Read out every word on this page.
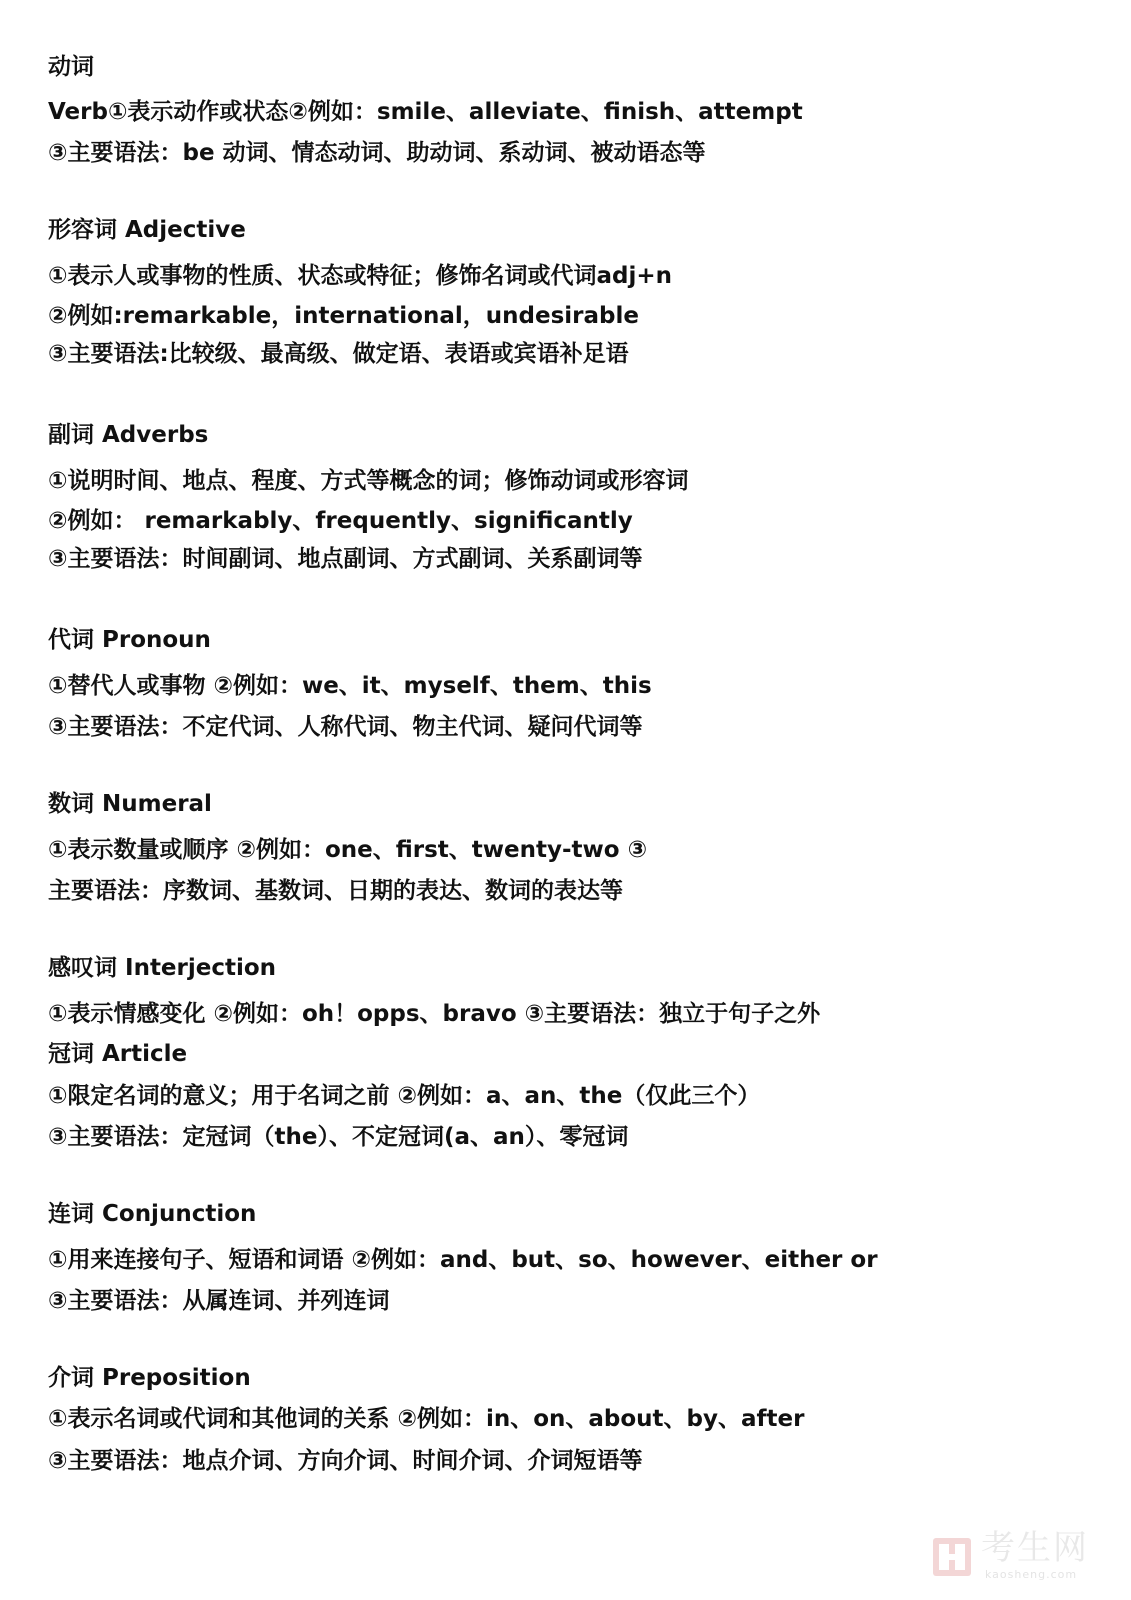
动词
Verb①表示动作或状态②例如：smile、alleviate、finish、attempt
③主要语法：be 动词、情态动词、助动词、系动词、被动语态等
形容词 Adjective
①表示人或事物的性质、状态或特征；修饰名词或代词adj+n
②例如:remarkable，international，undesirable
③主要语法:比较级、最高级、做定语、表语或宾语补足语
副词 Adverbs
①说明时间、地点、程度、方式等概念的词；修饰动词或形容词
②例如： remarkably、frequently、significantly
③主要语法：时间副词、地点副词、方式副词、关系副词等
代词 Pronoun
①替代人或事物 ②例如：we、it、myself、them、this
③主要语法：不定代词、人称代词、物主代词、疑问代词等
数词 Numeral
①表示数量或顺序 ②例如：one、first、twenty-two ③
主要语法：序数词、基数词、日期的表达、数词的表达等
感叹词 Interjection
①表示情感变化 ②例如：oh！opps、bravo ③主要语法：独立于句子之外
冠词 Article
①限定名词的意义；用于名词之前 ②例如：a、an、the（仅此三个）
③主要语法：定冠词（the）、不定冠词(a、an）、零冠词
连词 Conjunction
①用来连接句子、短语和词语 ②例如：and、but、so、however、either or
③主要语法：从属连词、并列连词
介词 Preposition
①表示名词或代词和其他词的关系 ②例如：in、on、about、by、after
③主要语法：地点介词、方向介词、时间介词、介词短语等
考生网
kaosheng.com
